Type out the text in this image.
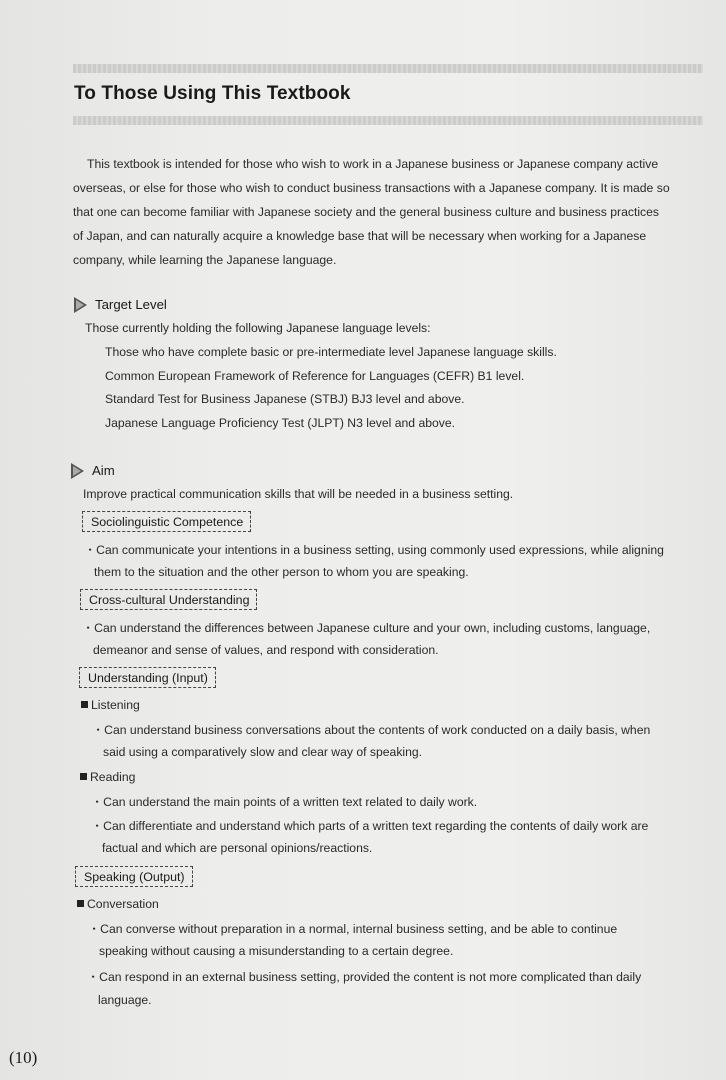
To Those Using This Textbook
This textbook is intended for those who wish to work in a Japanese business or Japanese company active
overseas, or else for those who wish to conduct business transactions with a Japanese company. It is made so
that one can become familiar with Japanese society and the general business culture and business practices
of Japan, and can naturally acquire a knowledge base that will be necessary when working for a Japanese
company, while learning the Japanese language.
Target Level
Those currently holding the following Japanese language levels:
Those who have complete basic or pre-intermediate level Japanese language skills.
Common European Framework of Reference for Languages (CEFR) B1 level.
Standard Test for Business Japanese (STBJ) BJ3 level and above.
Japanese Language Proficiency Test (JLPT) N3 level and above.
Aim
Improve practical communication skills that will be needed in a business setting.
Sociolinguistic Competence
・Can communicate your intentions in a business setting, using commonly used expressions, while aligning
them to the situation and the other person to whom you are speaking.
Cross-cultural Understanding
・Can understand the differences between Japanese culture and your own, including customs, language,
demeanor and sense of values, and respond with consideration.
Understanding (Input)
Listening
・Can understand business conversations about the contents of work conducted on a daily basis, when
said using a comparatively slow and clear way of speaking.
Reading
・Can understand the main points of a written text related to daily work.
・Can differentiate and understand which parts of a written text regarding the contents of daily work are
factual and which are personal opinions/reactions.
Speaking (Output)
Conversation
・Can converse without preparation in a normal, internal business setting, and be able to continue
speaking without causing a misunderstanding to a certain degree.
・Can respond in an external business setting, provided the content is not more complicated than daily
language.
(10)
